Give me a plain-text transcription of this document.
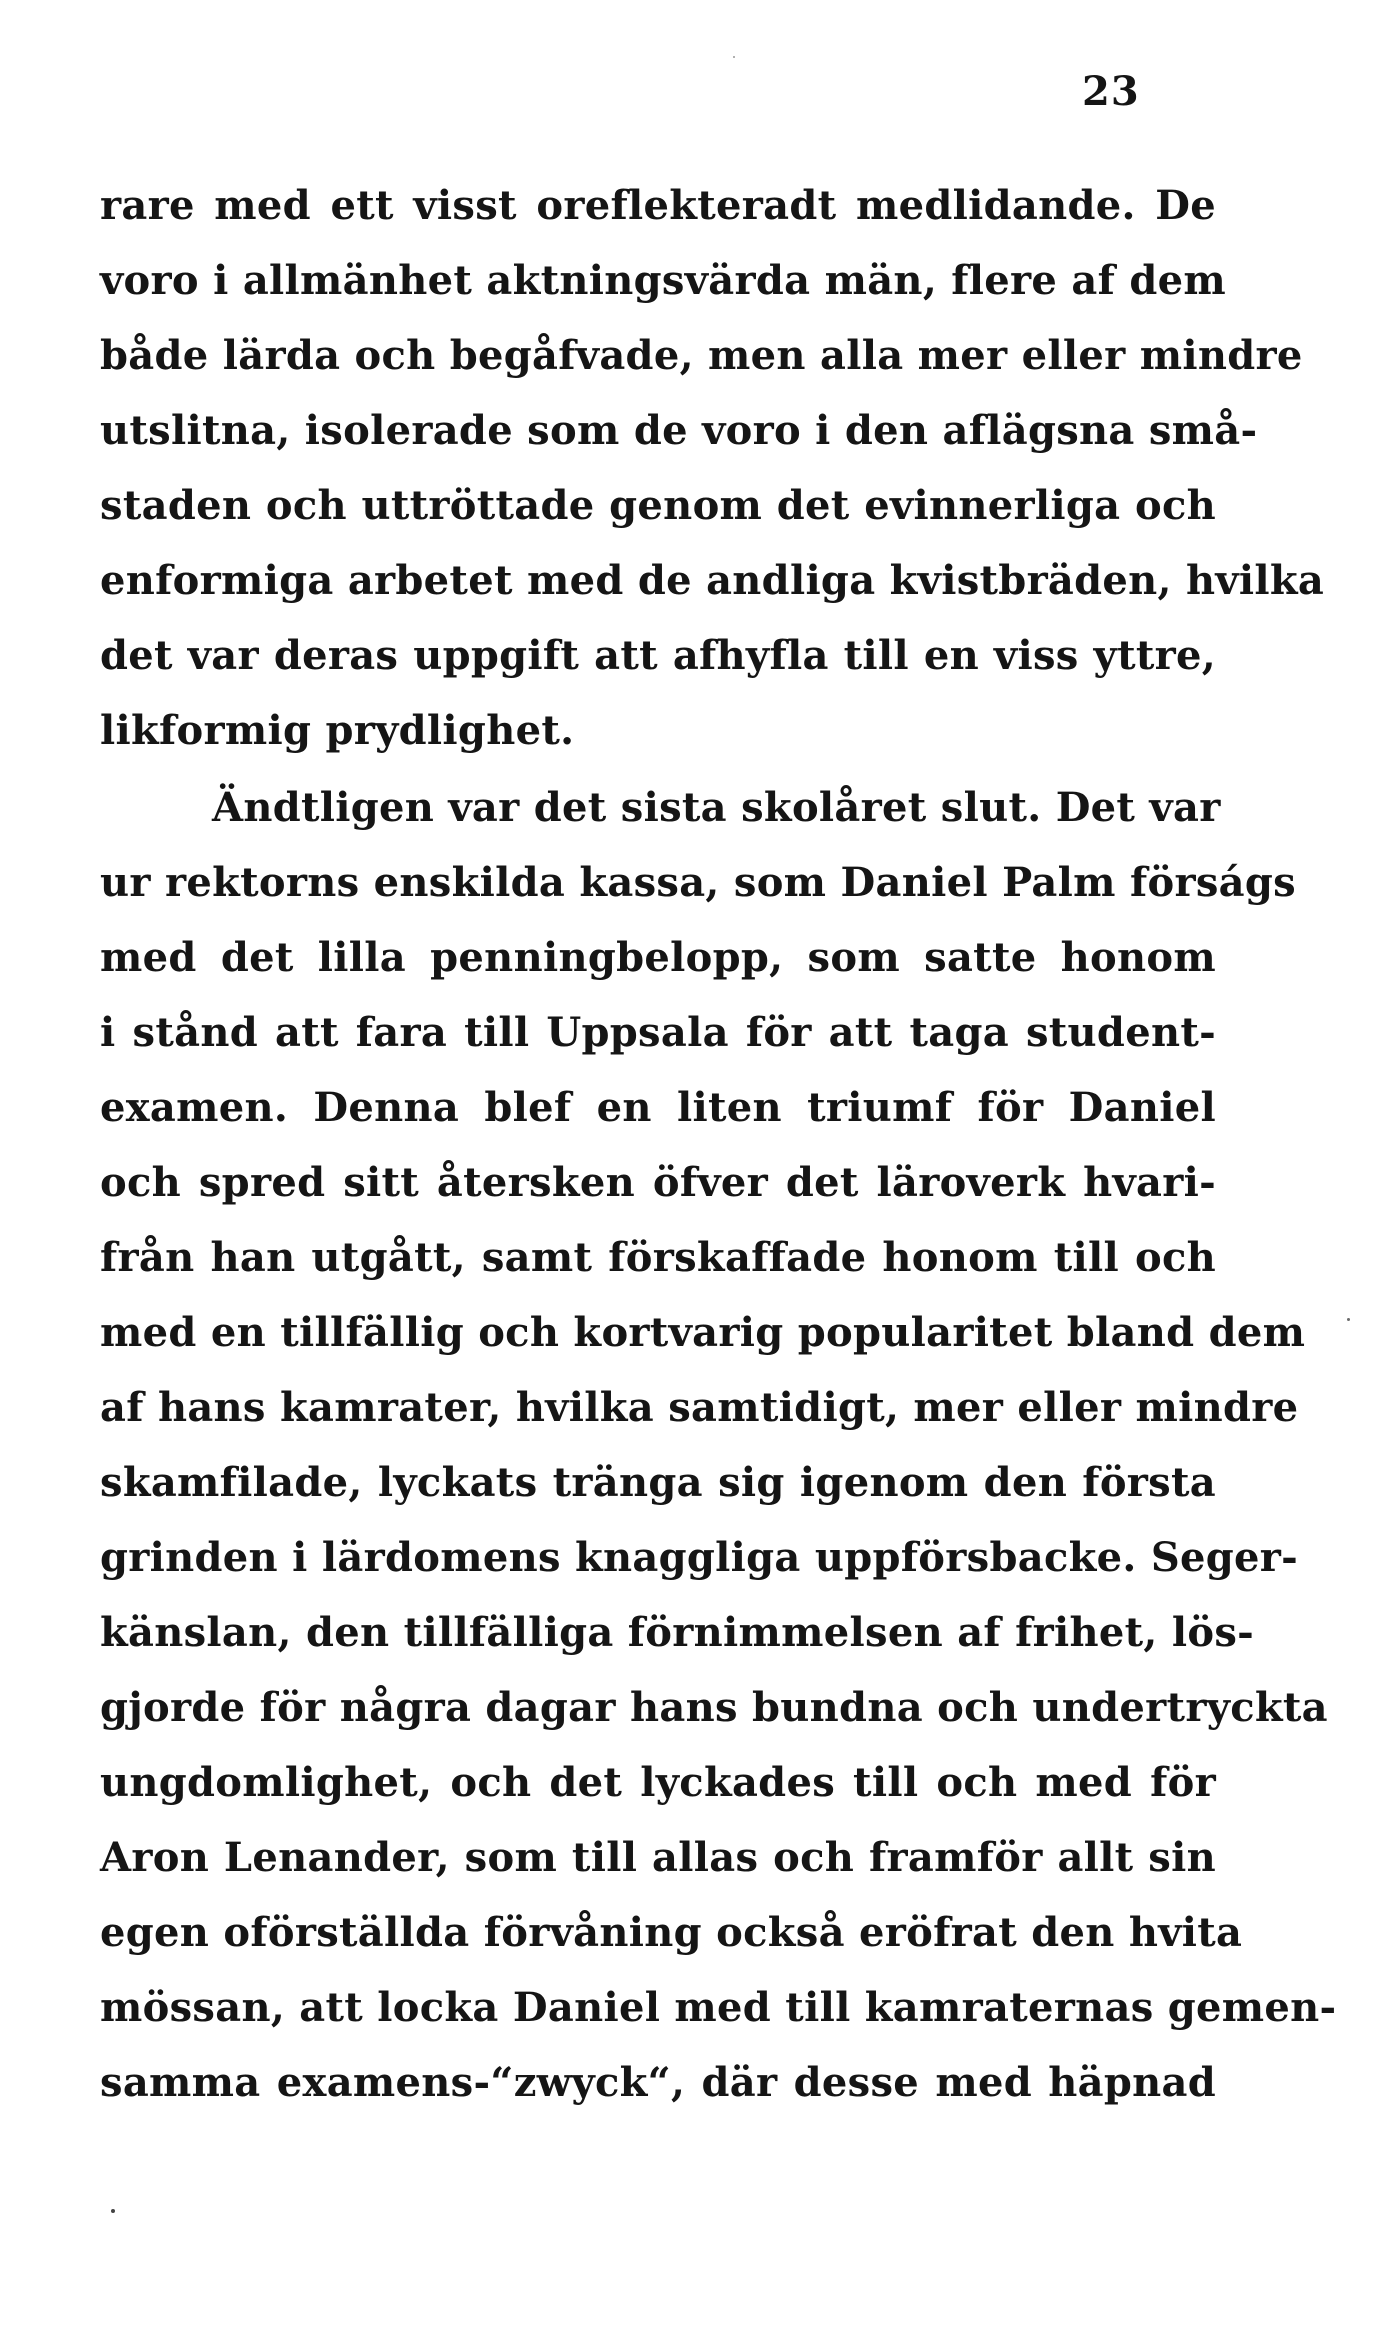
23
rare med ett visst oreflekteradt medlidande. De
voro i allmänhet aktningsvärda män, flere af dem
både lärda och begåfvade, men alla mer eller mindre
utslitna, isolerade som de voro i den aflägsna små-
staden och uttröttade genom det evinnerliga och
enformiga arbetet med de andliga kvistbräden, hvilka
det var deras uppgift att afhyfla till en viss yttre,
likformig prydlighet.
Ändtligen var det sista skolåret slut. Det var
ur rektorns enskilda kassa, som Daniel Palm förságs
med det lilla penningbelopp, som satte honom
i stånd att fara till Uppsala för att taga student-
examen. Denna blef en liten triumf för Daniel
och spred sitt återsken öfver det läroverk hvari-
från han utgått, samt förskaffade honom till och
med en tillfällig och kortvarig popularitet bland dem
af hans kamrater, hvilka samtidigt, mer eller mindre
skamfilade, lyckats tränga sig igenom den första
grinden i lärdomens knaggliga uppförsbacke. Seger-
känslan, den tillfälliga förnimmelsen af frihet, lös-
gjorde för några dagar hans bundna och undertryckta
ungdomlighet, och det lyckades till och med för
Aron Lenander, som till allas och framför allt sin
egen oförställda förvåning också eröfrat den hvita
mössan, att locka Daniel med till kamraternas gemen-
samma examens-“zwyck“, där desse med häpnad
